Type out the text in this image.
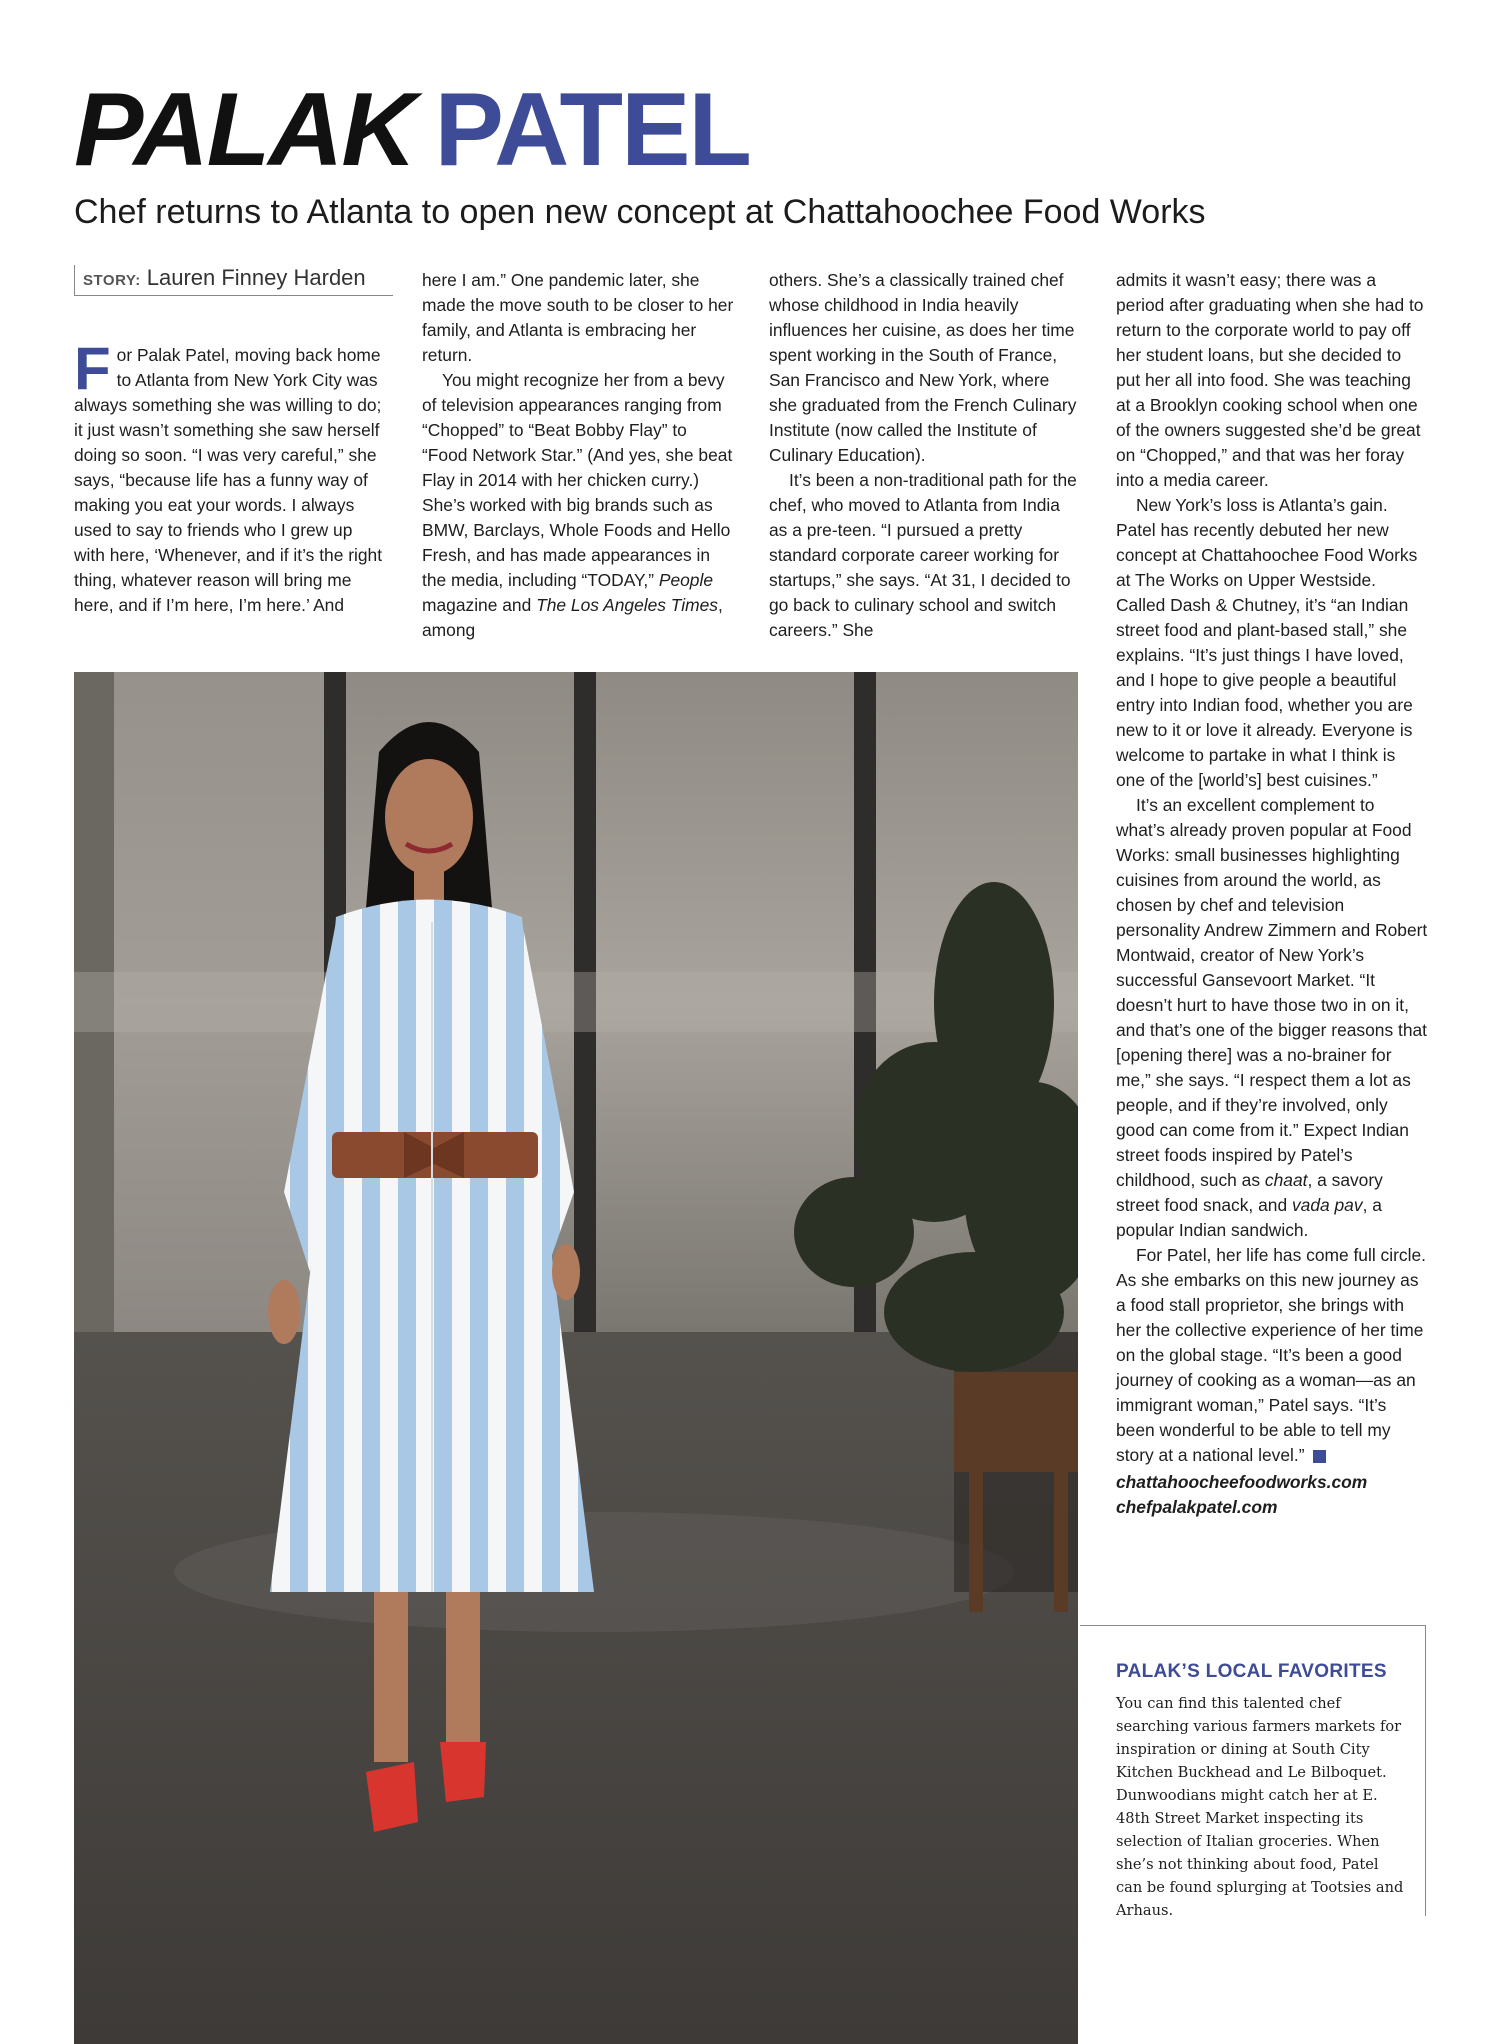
PALAK PATEL
Chef returns to Atlanta to open new concept at Chattahoochee Food Works
STORY: Lauren Finney Harden

For Palak Patel, moving back home to Atlanta from New York City was always something she was willing to do; it just wasn’t something she saw herself doing so soon. “I was very careful,” she says, “because life has a funny way of making you eat your words. I always used to say to friends who I grew up with here, ‘Whenever, and if it’s the right thing, whatever reason will bring me here, and if I’m here, I’m here.’ And

here I am.” One pandemic later, she made the move south to be closer to her family, and Atlanta is embracing her return.

You might recognize her from a bevy of television appearances ranging from “Chopped” to “Beat Bobby Flay” to “Food Network Star.” (And yes, she beat Flay in 2014 with her chicken curry.) She’s worked with big brands such as BMW, Barclays, Whole Foods and Hello Fresh, and has made appearances in the media, including “TODAY,” People magazine and The Los Angeles Times, among

others. She’s a classically trained chef whose childhood in India heavily influences her cuisine, as does her time spent working in the South of France, San Francisco and New York, where she graduated from the French Culinary Institute (now called the Institute of Culinary Education).

It’s been a non-traditional path for the chef, who moved to Atlanta from India as a pre-teen. “I pursued a pretty standard corporate career working for startups,” she says. “At 31, I decided to go back to culinary school and switch careers.” She

admits it wasn’t easy; there was a period after graduating when she had to return to the corporate world to pay off her student loans, but she decided to put her all into food. She was teaching at a Brooklyn cooking school when one of the owners suggested she’d be great on “Chopped,” and that was her foray into a media career.

New York’s loss is Atlanta’s gain. Patel has recently debuted her new concept at Chattahoochee Food Works at The Works on Upper Westside. Called Dash & Chutney, it’s “an Indian street food and plant-based stall,” she explains. “It’s just things I have loved, and I hope to give people a beautiful entry into Indian food, whether you are new to it or love it already. Everyone is welcome to partake in what I think is one of the [world’s] best cuisines.”

It’s an excellent complement to what’s already proven popular at Food Works: small businesses highlighting cuisines from around the world, as chosen by chef and television personality Andrew Zimmern and Robert Montwaid, creator of New York’s successful Gansevoort Market. “It doesn’t hurt to have those two in on it, and that’s one of the bigger reasons that [opening there] was a no-brainer for me,” she says. “I respect them a lot as people, and if they’re involved, only good can come from it.” Expect Indian street foods inspired by Patel’s childhood, such as chaat, a savory street food snack, and vada pav, a popular Indian sandwich.

For Patel, her life has come full circle. As she embarks on this new journey as a food stall proprietor, she brings with her the collective experience of her time on the global stage. “It’s been a good journey of cooking as a woman—as an immigrant woman,” Patel says. “It’s been wonderful to be able to tell my story at a national level.”

chattahoocheefoodworks.com
chefpalakpatel.com
PALAK’S LOCAL FAVORITES

You can find this talented chef searching various farmers markets for inspiration or dining at South City Kitchen Buckhead and Le Bilboquet. Dunwoodians might catch her at E. 48th Street Market inspecting its selection of Italian groceries. When she’s not thinking about food, Patel can be found splurging at Tootsies and Arhaus.
